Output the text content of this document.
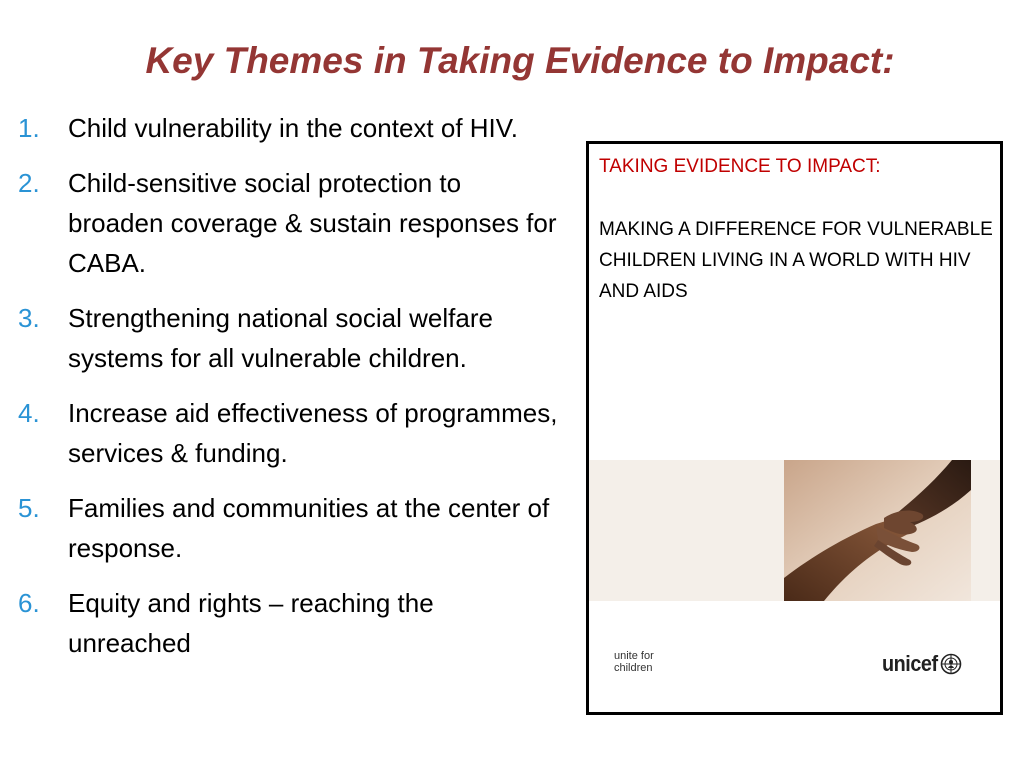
Key Themes in Taking Evidence to Impact:
1. Child vulnerability in the context of HIV.
2. Child-sensitive social protection to broaden coverage & sustain responses for CABA.
3. Strengthening national social welfare systems for all vulnerable children.
4. Increase aid effectiveness of programmes, services & funding.
5. Families and communities at the center of response.
6. Equity and rights – reaching the unreached
TAKING EVIDENCE TO IMPACT:
MAKING A DIFFERENCE FOR VULNERABLE CHILDREN LIVING IN A WORLD WITH HIV AND AIDS
unite for
children	unicef
